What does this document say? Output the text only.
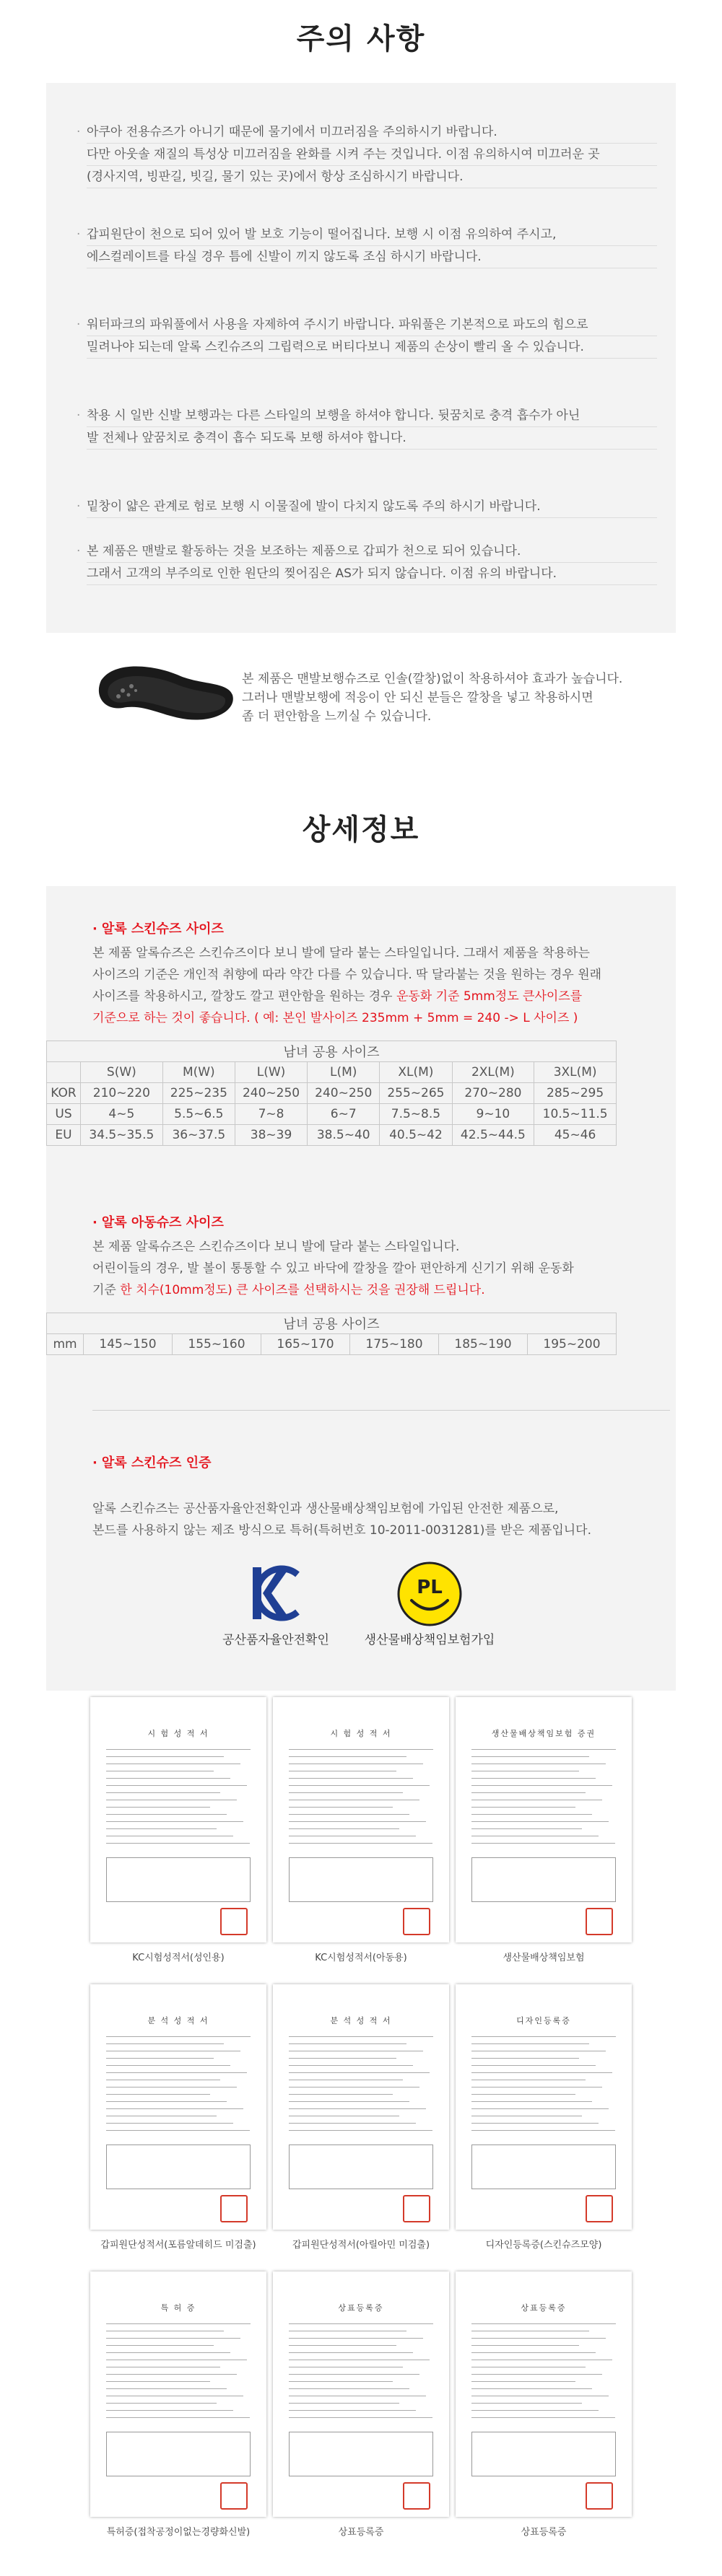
주의 사항
· 아쿠아 전용슈즈가 아니기 때문에 물기에서 미끄러짐을 주의하시기 바랍니다.
다만 아웃솔 재질의 특성상 미끄러짐을 완화를 시켜 주는 것입니다. 이점 유의하시여 미끄러운 곳
(경사지역, 빙판길, 빗길, 물기 있는 곳)에서 항상 조심하시기 바랍니다.
· 갑피원단이 천으로 되어 있어 발 보호 기능이 떨어집니다. 보행 시 이점 유의하여 주시고,
에스컬레이트를 타실 경우 틈에 신발이 끼지 않도록 조심 하시기 바랍니다.
· 워터파크의 파워풀에서 사용을 자제하여 주시기 바랍니다. 파워풀은 기본적으로 파도의 힘으로
밀려나야 되는데 알록 스킨슈즈의 그립력으로 버티다보니 제품의 손상이 빨리 올 수 있습니다.
· 착용 시 일반 신발 보행과는 다른 스타일의 보행을 하셔야 합니다. 뒷꿈치로 충격 흡수가 아닌
발 전체나 앞꿈치로 충격이 흡수 되도록 보행 하셔야 합니다.
· 밑창이 얇은 관계로 험로 보행 시 이물질에 발이 다치지 않도록 주의 하시기 바랍니다.
· 본 제품은 맨발로 활동하는 것을 보조하는 제품으로 갑피가 천으로 되어 있습니다.
그래서 고객의 부주의로 인한 원단의 찢어짐은 AS가 되지 않습니다. 이점 유의 바랍니다.
본 제품은 맨발보행슈즈로 인솔(깔창)없이 착용하셔야 효과가 높습니다.
그러나 맨발보행에 적응이 안 되신 분들은 깔창을 넣고 착용하시면
좀 더 편안함을 느끼실 수 있습니다.
상세정보
· 알록 스킨슈즈 사이즈
본 제품 알록슈즈은 스킨슈즈이다 보니 발에 달라 붙는 스타일입니다. 그래서 제품을 착용하는
사이즈의 기준은 개인적 취향에 따라 약간 다를 수 있습니다. 딱 달라붙는 것을 원하는 경우 원래
사이즈를 착용하시고, 깔창도 깔고 편안함을 원하는 경우 운동화 기준 5mm정도 큰사이즈를
기준으로 하는 것이 좋습니다. ( 예: 본인 발사이즈 235mm + 5mm = 240 -> L 사이즈 )
남녀 공용 사이즈							
	S(W)	M(W)	L(W)	L(M)	XL(M)	2XL(M)	3XL(M)
KOR	210~220	225~235	240~250	240~250	255~265	270~280	285~295
US	4~5	5.5~6.5	7~8	6~7	7.5~8.5	9~10	10.5~11.5
EU	34.5~35.5	36~37.5	38~39	38.5~40	40.5~42	42.5~44.5	45~46
· 알록 아동슈즈 사이즈
본 제품 알록슈즈은 스킨슈즈이다 보니 발에 달라 붙는 스타일입니다.
어린이들의 경우, 발 볼이 통통할 수 있고 바닥에 깔창을 깔아 편안하게 신기기 위해 운동화
기준 한 치수(10mm정도) 큰 사이즈를 선택하시는 것을 권장해 드립니다.
남녀 공용 사이즈
mm	145~150	155~160	165~170	175~180	185~190	195~200
· 알록 스킨슈즈 인증
알록 스킨슈즈는 공산품자율안전확인과 생산물배상책임보험에 가입된 안전한 제품으로,
본드를 사용하지 않는 제조 방식으로 특허(특허번호 10-2011-0031281)를 받은 제품입니다.
공산품자율안전확인
PL
생산물배상책임보험가입
시 험 성 적 서
KC시험성적서(성인용)
시 험 성 적 서
KC시험성적서(아동용)
생산물배상책임보험 증권
생산물배상책임보험
분 석 성 적 서
갑피원단성적서(포름알데히드 미검출)
분 석 성 적 서
갑피원단성적서(아릴아민 미검출)
디자인등록증
디자인등록증(스킨슈즈모양)
특 허 증
특허증(접착공정이없는경량화신발)
상표등록증
상표등록증
상표등록증
상표등록증
